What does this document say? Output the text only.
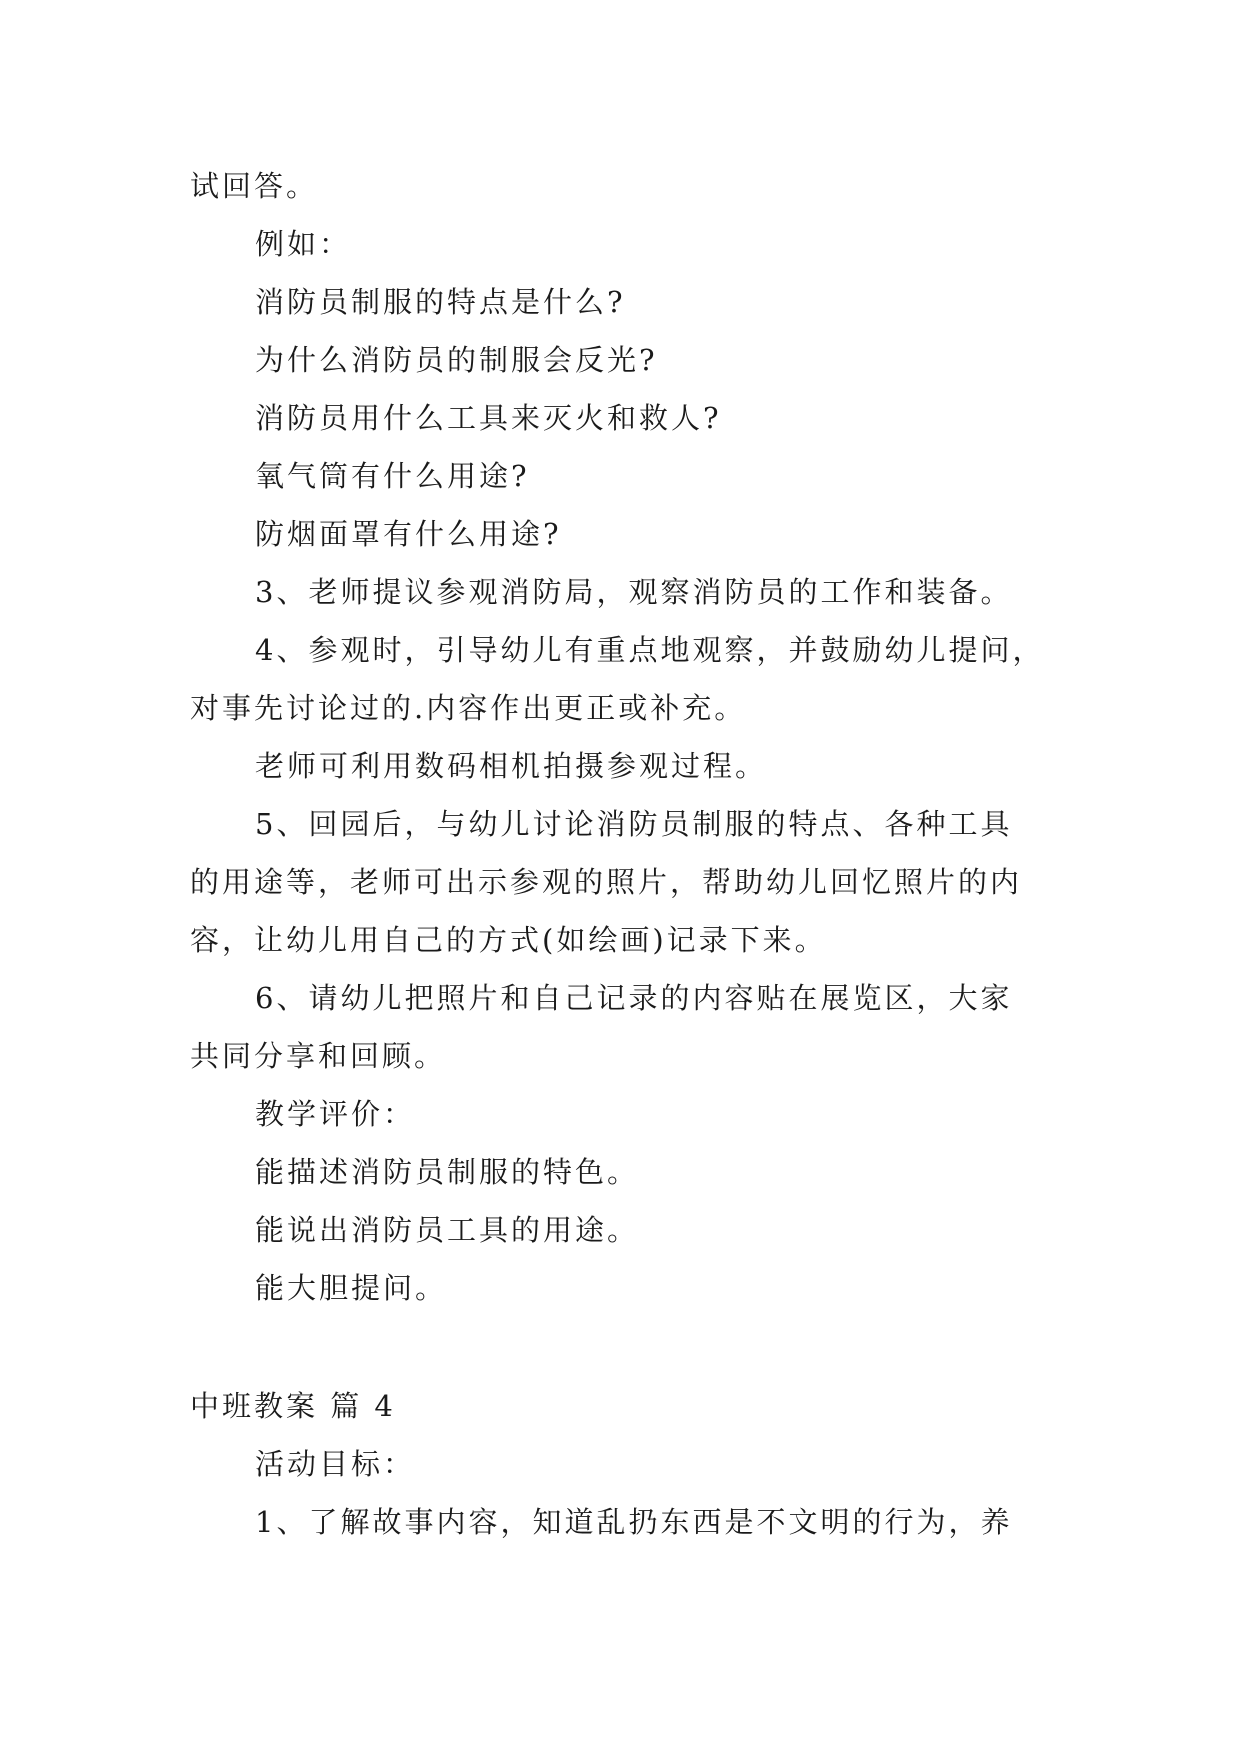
试回答。
例如：
消防员制服的特点是什么?
为什么消防员的制服会反光?
消防员用什么工具来灭火和救人?
氧气筒有什么用途?
防烟面罩有什么用途?
3、老师提议参观消防局，观察消防员的工作和装备。
4、参观时，引导幼儿有重点地观察，并鼓励幼儿提问，
对事先讨论过的.内容作出更正或补充。
老师可利用数码相机拍摄参观过程。
5、回园后，与幼儿讨论消防员制服的特点、各种工具
的用途等，老师可出示参观的照片，帮助幼儿回忆照片的内
容，让幼儿用自己的方式(如绘画)记录下来。
6、请幼儿把照片和自己记录的内容贴在展览区，大家
共同分享和回顾。
教学评价：
能描述消防员制服的特色。
能说出消防员工具的用途。
能大胆提问。
中班教案 篇 4
活动目标：
1、了解故事内容，知道乱扔东西是不文明的行为，养
